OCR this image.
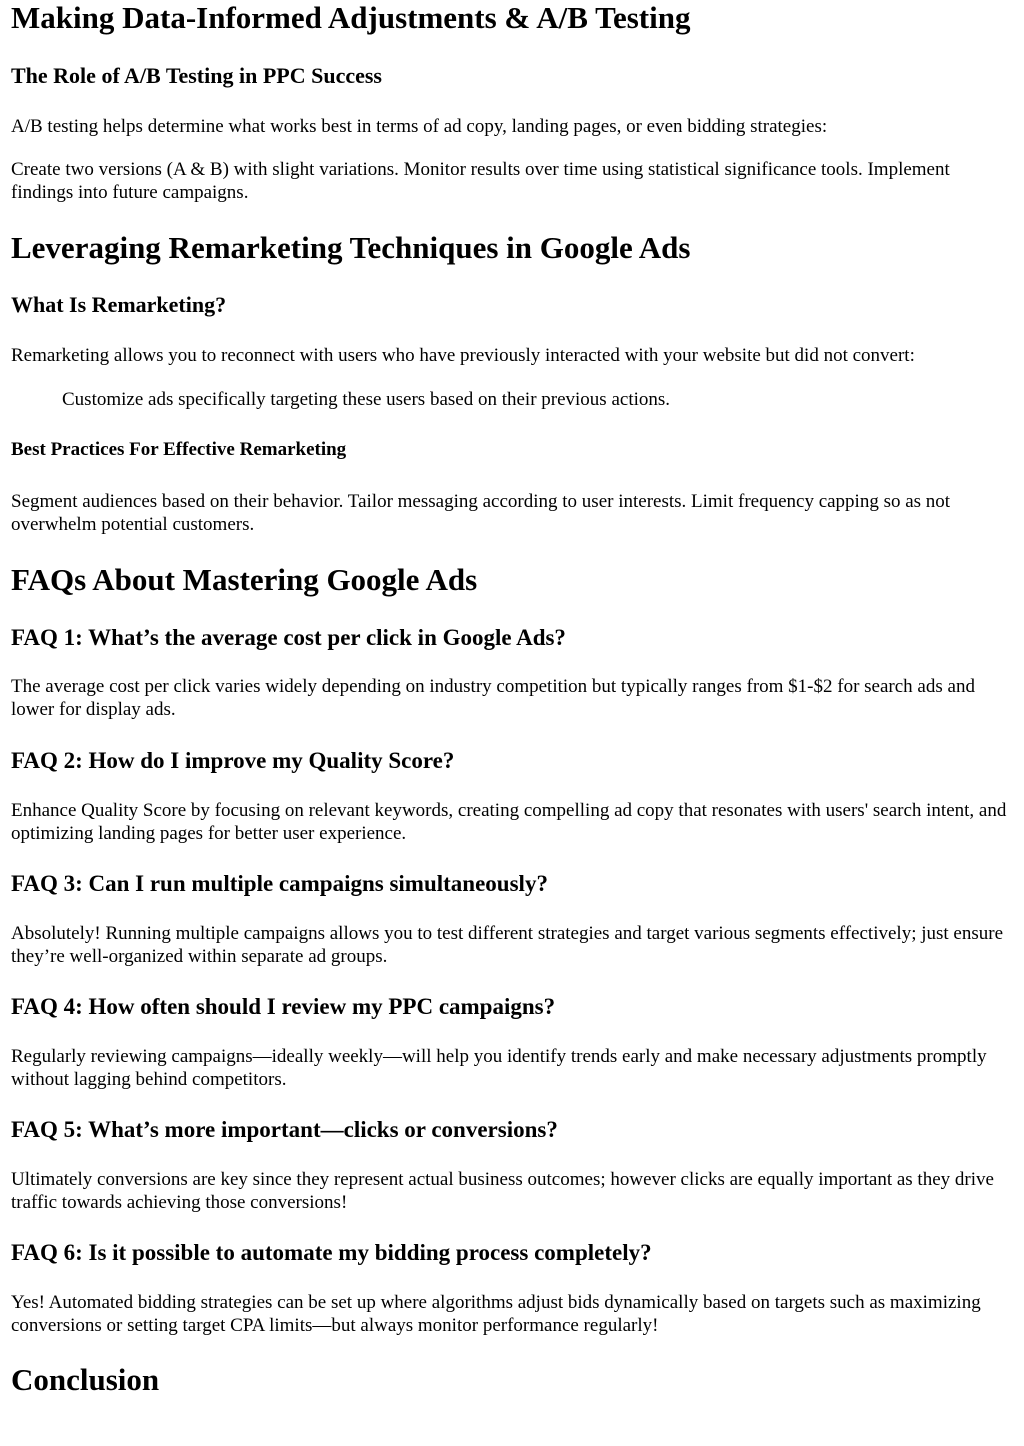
Making Data-Informed Adjustments & A/B Testing
The Role of A/B Testing in PPC Success

A/B testing helps determine what works best in terms of ad copy, landing pages, or even bidding strategies:

Create two versions (A & B) with slight variations. Monitor results over time using statistical significance tools. Implement findings into future campaigns.

Leveraging Remarketing Techniques in Google Ads
What Is Remarketing?

Remarketing allows you to reconnect with users who have previously interacted with your website but did not convert:

Customize ads specifically targeting these users based on their previous actions.

Best Practices For Effective Remarketing

Segment audiences based on their behavior. Tailor messaging according to user interests. Limit frequency capping so as not overwhelm potential customers.

FAQs About Mastering Google Ads
FAQ 1: What’s the average cost per click in Google Ads?

The average cost per click varies widely depending on industry competition but typically ranges from $1-$2 for search ads and lower for display ads.

FAQ 2: How do I improve my Quality Score?

Enhance Quality Score by focusing on relevant keywords, creating compelling ad copy that resonates with users' search intent, and optimizing landing pages for better user experience.

FAQ 3: Can I run multiple campaigns simultaneously?

Absolutely! Running multiple campaigns allows you to test different strategies and target various segments effectively; just ensure they’re well-organized within separate ad groups.

FAQ 4: How often should I review my PPC campaigns?

Regularly reviewing campaigns—ideally weekly—will help you identify trends early and make necessary adjustments promptly without lagging behind competitors.

FAQ 5: What’s more important—clicks or conversions?

Ultimately conversions are key since they represent actual business outcomes; however clicks are equally important as they drive traffic towards achieving those conversions!

FAQ 6: Is it possible to automate my bidding process completely?

Yes! Automated bidding strategies can be set up where algorithms adjust bids dynamically based on targets such as maximizing conversions or setting target CPA limits—but always monitor performance regularly!

Conclusion
